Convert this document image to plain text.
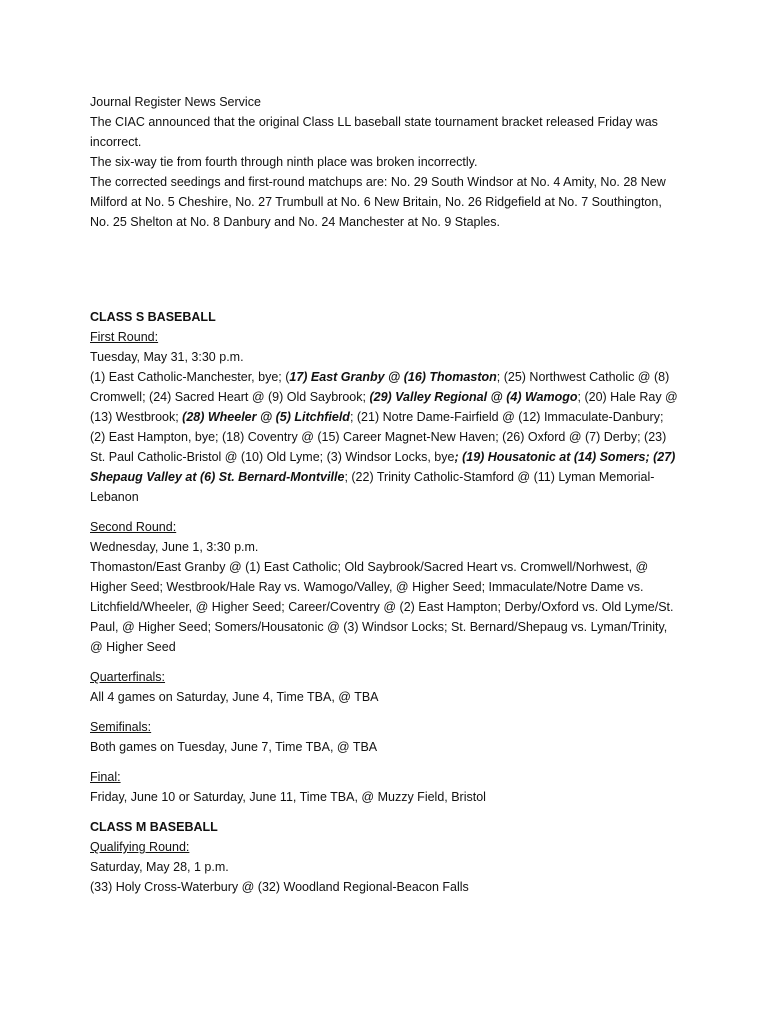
Journal Register News Service

The CIAC announced that the original Class LL baseball state tournament bracket released Friday was incorrect.

The six-way tie from fourth through ninth place was broken incorrectly.

The corrected seedings and first-round matchups are: No. 29 South Windsor at No. 4 Amity, No. 28 New Milford at No. 5 Cheshire, No. 27 Trumbull at No. 6 New Britain, No. 26 Ridgefield at No. 7 Southington, No. 25 Shelton at No. 8 Danbury and No. 24 Manchester at No. 9 Staples.

CLASS S BASEBALL

First Round:

Tuesday, May 31, 3:30 p.m.

(1) East Catholic-Manchester, bye; (17) East Granby @ (16) Thomaston; (25) Northwest Catholic @ (8) Cromwell; (24) Sacred Heart @ (9) Old Saybrook; (29) Valley Regional @ (4) Wamogo; (20) Hale Ray @ (13) Westbrook; (28) Wheeler @ (5) Litchfield; (21) Notre Dame-Fairfield @ (12) Immaculate-Danbury; (2) East Hampton, bye; (18) Coventry @ (15) Career Magnet-New Haven; (26) Oxford @ (7) Derby; (23) St. Paul Catholic-Bristol @ (10) Old Lyme; (3) Windsor Locks, bye; (19) Housatonic at (14) Somers; (27) Shepaug Valley at (6) St. Bernard-Montville; (22) Trinity Catholic-Stamford @ (11) Lyman Memorial-Lebanon

Second Round:

Wednesday, June 1, 3:30 p.m.

Thomaston/East Granby @ (1) East Catholic; Old Saybrook/Sacred Heart vs. Cromwell/Norhwest, @ Higher Seed; Westbrook/Hale Ray vs. Wamogo/Valley, @ Higher Seed; Immaculate/Notre Dame vs. Litchfield/Wheeler, @ Higher Seed; Career/Coventry @ (2) East Hampton; Derby/Oxford vs. Old Lyme/St. Paul, @ Higher Seed; Somers/Housatonic @ (3) Windsor Locks; St. Bernard/Shepaug vs. Lyman/Trinity, @ Higher Seed

Quarterfinals:

All 4 games on Saturday, June 4, Time TBA, @ TBA

Semifinals:

Both games on Tuesday, June 7, Time TBA, @ TBA

Final:

Friday, June 10 or Saturday, June 11, Time TBA, @ Muzzy Field, Bristol

CLASS M BASEBALL

Qualifying Round:

Saturday, May 28, 1 p.m.

(33) Holy Cross-Waterbury @ (32) Woodland Regional-Beacon Falls
